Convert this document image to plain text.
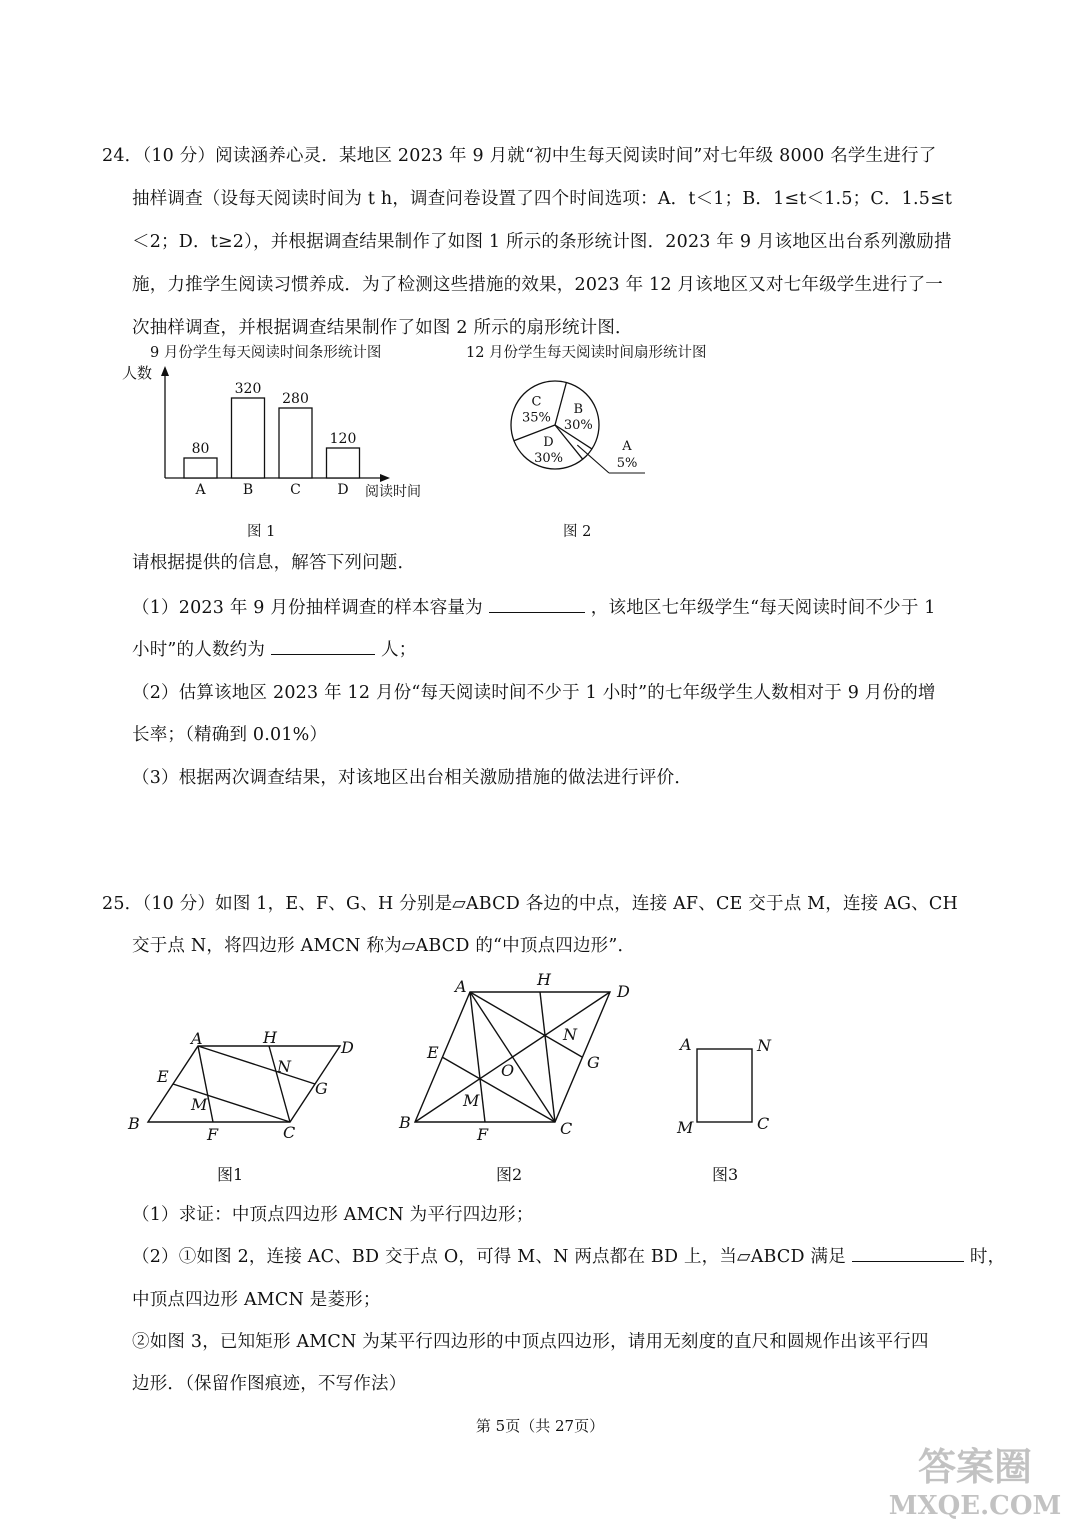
24．（10 分）阅读涵养心灵．某地区 2023 年 9 月就“初中生每天阅读时间”对七年级 8000 名学生进行了
抽样调查（设每天阅读时间为 t h，调查问卷设置了四个时间选项：A．t＜1；B．1≤t＜1.5；C．1.5≤t
＜2；D．t≥2），并根据调查结果制作了如图 1 所示的条形统计图．2023 年 9 月该地区出台系列激励措
施，力推学生阅读习惯养成．为了检测这些措施的效果，2023 年 12 月该地区又对七年级学生进行了一
次抽样调查，并根据调查结果制作了如图 2 所示的扇形统计图．
9 月份学生每天阅读时间条形统计图	12 月份学生每天阅读时间扇形统计图
人数
阅读时间
80
A
320
B
280
C
120
D
B
30%
C
35%
D
30%
A
5%
图 1	图 2
请根据提供的信息，解答下列问题．
（1）2023 年 9 月份抽样调查的样本容量为	，该地区七年级学生“每天阅读时间不少于 1
小时”的人数约为	人；
（2）估算该地区 2023 年 12 月份“每天阅读时间不少于 1 小时”的七年级学生人数相对于 9 月份的增
长率；（精确到 0.01%）
（3）根据两次调查结果，对该地区出台相关激励措施的做法进行评价．
25．（10 分）如图 1，E、F、G、H 分别是▱ABCD 各边的中点，连接 AF、CE 交于点 M，连接 AG、CH
交于点 N，将四边形 AMCN 称为▱ABCD 的“中顶点四边形”．
A	H
D
E
N
G
M
B
F	C
A	H
D
E
N
G
O
M
B
F	C
A	N
M	C
图1	图2	图3
（1）求证：中顶点四边形 AMCN 为平行四边形；
（2）①如图 2，连接 AC、BD 交于点 O，可得 M、N 两点都在 BD 上，当▱ABCD 满足	时，
中顶点四边形 AMCN 是菱形；
②如图 3，已知矩形 AMCN 为某平行四边形的中顶点四边形，请用无刻度的直尺和圆规作出该平行四
边形．（保留作图痕迹，不写作法）
第 5页（共 27页）
答案圈
MXQE.COM
